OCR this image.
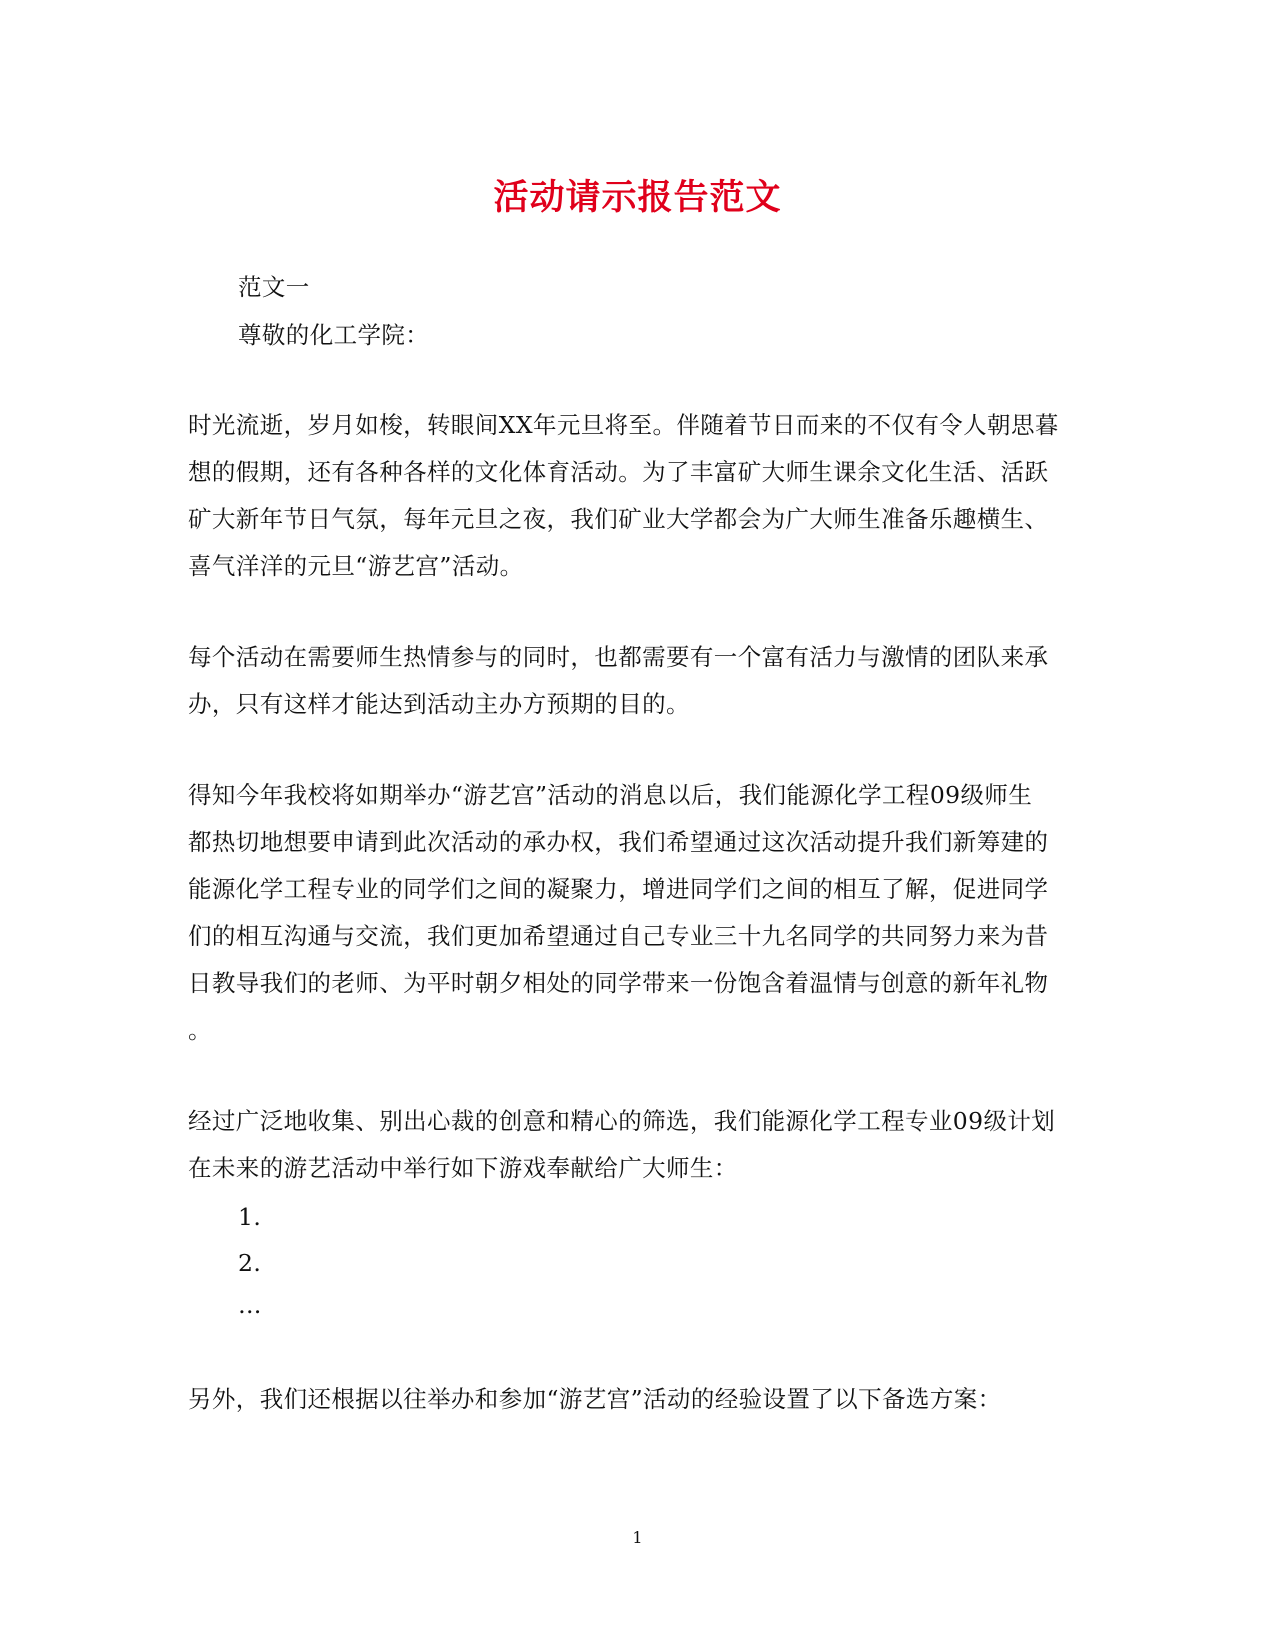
活动请示报告范文
范文一
尊敬的化工学院：
时光流逝，岁月如梭，转眼间XX年元旦将至。伴随着节日而来的不仅有令人朝思暮
想的假期，还有各种各样的文化体育活动。为了丰富矿大师生课余文化生活、活跃
矿大新年节日气氛，每年元旦之夜，我们矿业大学都会为广大师生准备乐趣横生、
喜气洋洋的元旦“游艺宫”活动。
每个活动在需要师生热情参与的同时，也都需要有一个富有活力与激情的团队来承
办，只有这样才能达到活动主办方预期的目的。
得知今年我校将如期举办“游艺宫”活动的消息以后，我们能源化学工程09级师生
都热切地想要申请到此次活动的承办权，我们希望通过这次活动提升我们新筹建的
能源化学工程专业的同学们之间的凝聚力，增进同学们之间的相互了解，促进同学
们的相互沟通与交流，我们更加希望通过自己专业三十九名同学的共同努力来为昔
日教导我们的老师、为平时朝夕相处的同学带来一份饱含着温情与创意的新年礼物
。
经过广泛地收集、别出心裁的创意和精心的筛选，我们能源化学工程专业09级计划
在未来的游艺活动中举行如下游戏奉献给广大师生：
1.
2.
…
另外，我们还根据以往举办和参加“游艺宫”活动的经验设置了以下备选方案：
1
